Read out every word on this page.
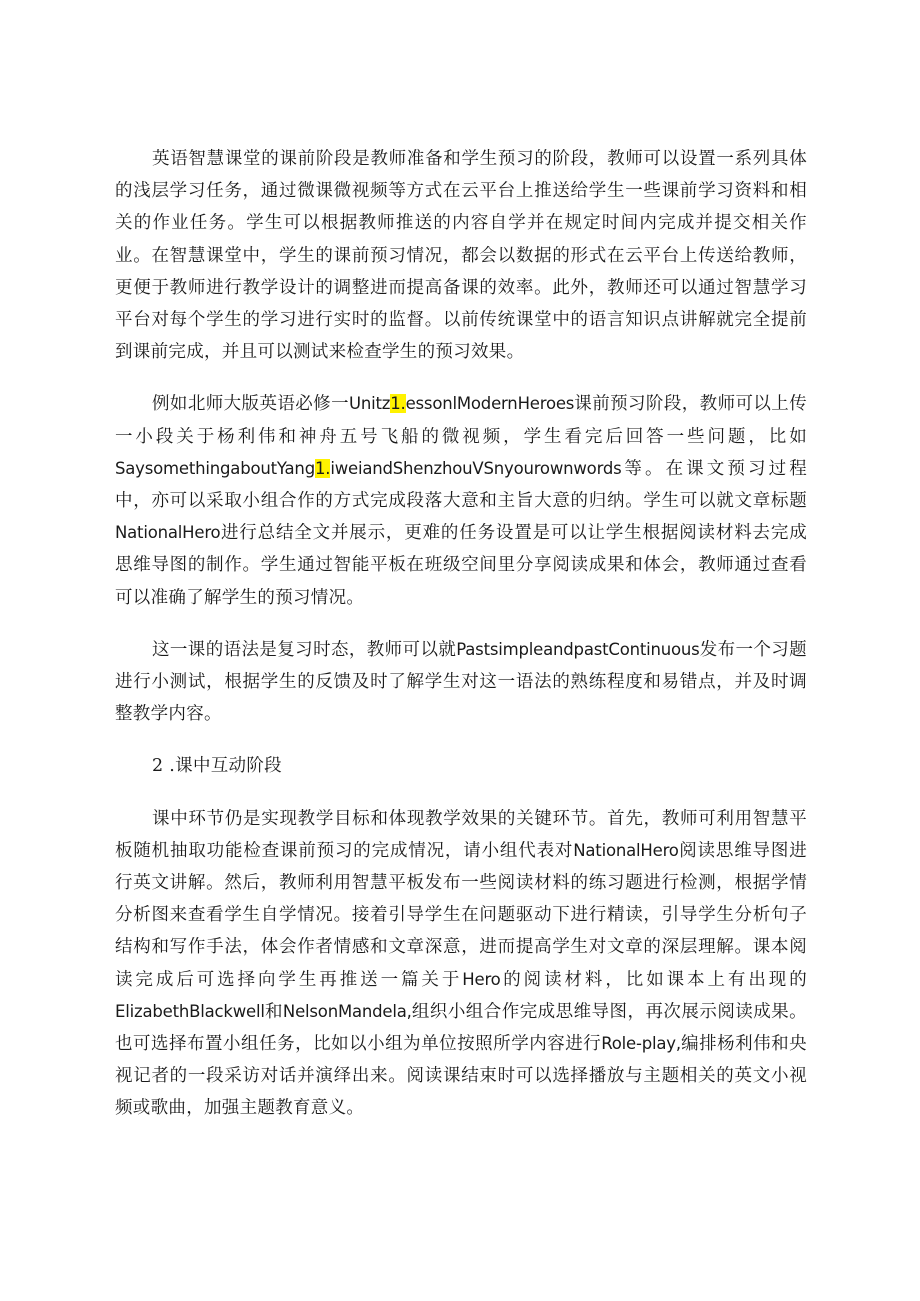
英语智慧课堂的课前阶段是教师准备和学生预习的阶段，教师可以设置一系列具体的浅层学习任务，通过微课微视频等方式在云平台上推送给学生一些课前学习资料和相关的作业任务。学生可以根据教师推送的内容自学并在规定时间内完成并提交相关作业。在智慧课堂中，学生的课前预习情况，都会以数据的形式在云平台上传送给教师，更便于教师进行教学设计的调整进而提高备课的效率。此外，教师还可以通过智慧学习平台对每个学生的学习进行实时的监督。以前传统课堂中的语言知识点讲解就完全提前到课前完成，并且可以测试来检查学生的预习效果。

例如北师大版英语必修一Unitz1.essonlModernHeroes课前预习阶段，教师可以上传一小段关于杨利伟和神舟五号飞船的微视频，学生看完后回答一些问题，比如SaysomethingaboutYang1.iweiandShenzhouVSnyourownwords等。在课文预习过程中，亦可以采取小组合作的方式完成段落大意和主旨大意的归纳。学生可以就文章标题NationalHero进行总结全文并展示，更难的任务设置是可以让学生根据阅读材料去完成思维导图的制作。学生通过智能平板在班级空间里分享阅读成果和体会，教师通过查看可以准确了解学生的预习情况。

这一课的语法是复习时态，教师可以就PastsimpleandpastContinuous发布一个习题进行小测试，根据学生的反馈及时了解学生对这一语法的熟练程度和易错点，并及时调整教学内容。

2 .课中互动阶段

课中环节仍是实现教学目标和体现教学效果的关键环节。首先，教师可利用智慧平板随机抽取功能检查课前预习的完成情况，请小组代表对NationalHero阅读思维导图进行英文讲解。然后，教师利用智慧平板发布一些阅读材料的练习题进行检测，根据学情分析图来查看学生自学情况。接着引导学生在问题驱动下进行精读，引导学生分析句子结构和写作手法，体会作者情感和文章深意，进而提高学生对文章的深层理解。课本阅读完成后可选择向学生再推送一篇关于Hero的阅读材料，比如课本上有出现的ElizabethBlackwell和NelsonMandela,组织小组合作完成思维导图，再次展示阅读成果。也可选择布置小组任务，比如以小组为单位按照所学内容进行Role-play,编排杨利伟和央视记者的一段采访对话并演绎出来。阅读课结束时可以选择播放与主题相关的英文小视频或歌曲，加强主题教育意义。
